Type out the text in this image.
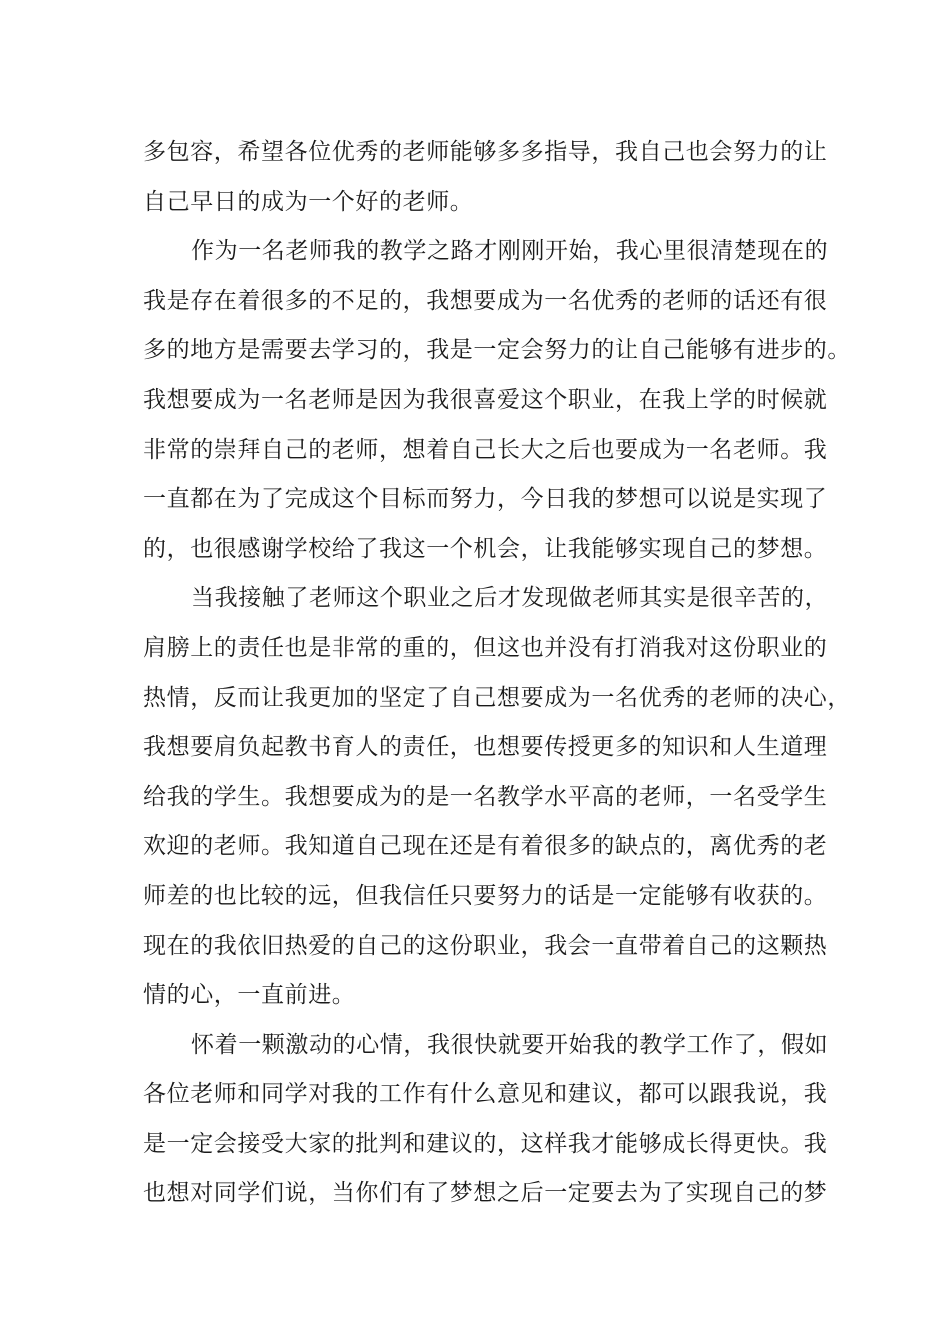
多包容，希望各位优秀的老师能够多多指导，我自己也会努力的让
自己早日的成为一个好的老师。
作为一名老师我的教学之路才刚刚开始，我心里很清楚现在的
我是存在着很多的不足的，我想要成为一名优秀的老师的话还有很
多的地方是需要去学习的，我是一定会努力的让自己能够有进步的。
我想要成为一名老师是因为我很喜爱这个职业，在我上学的时候就
非常的崇拜自己的老师，想着自己长大之后也要成为一名老师。我
一直都在为了完成这个目标而努力，今日我的梦想可以说是实现了
的，也很感谢学校给了我这一个机会，让我能够实现自己的梦想。
当我接触了老师这个职业之后才发现做老师其实是很辛苦的，
肩膀上的责任也是非常的重的，但这也并没有打消我对这份职业的
热情，反而让我更加的坚定了自己想要成为一名优秀的老师的决心，
我想要肩负起教书育人的责任，也想要传授更多的知识和人生道理
给我的学生。我想要成为的是一名教学水平高的老师，一名受学生
欢迎的老师。我知道自己现在还是有着很多的缺点的，离优秀的老
师差的也比较的远，但我信任只要努力的话是一定能够有收获的。
现在的我依旧热爱的自己的这份职业，我会一直带着自己的这颗热
情的心，一直前进。
怀着一颗激动的心情，我很快就要开始我的教学工作了，假如
各位老师和同学对我的工作有什么意见和建议，都可以跟我说，我
是一定会接受大家的批判和建议的，这样我才能够成长得更快。我
也想对同学们说，当你们有了梦想之后一定要去为了实现自己的梦
